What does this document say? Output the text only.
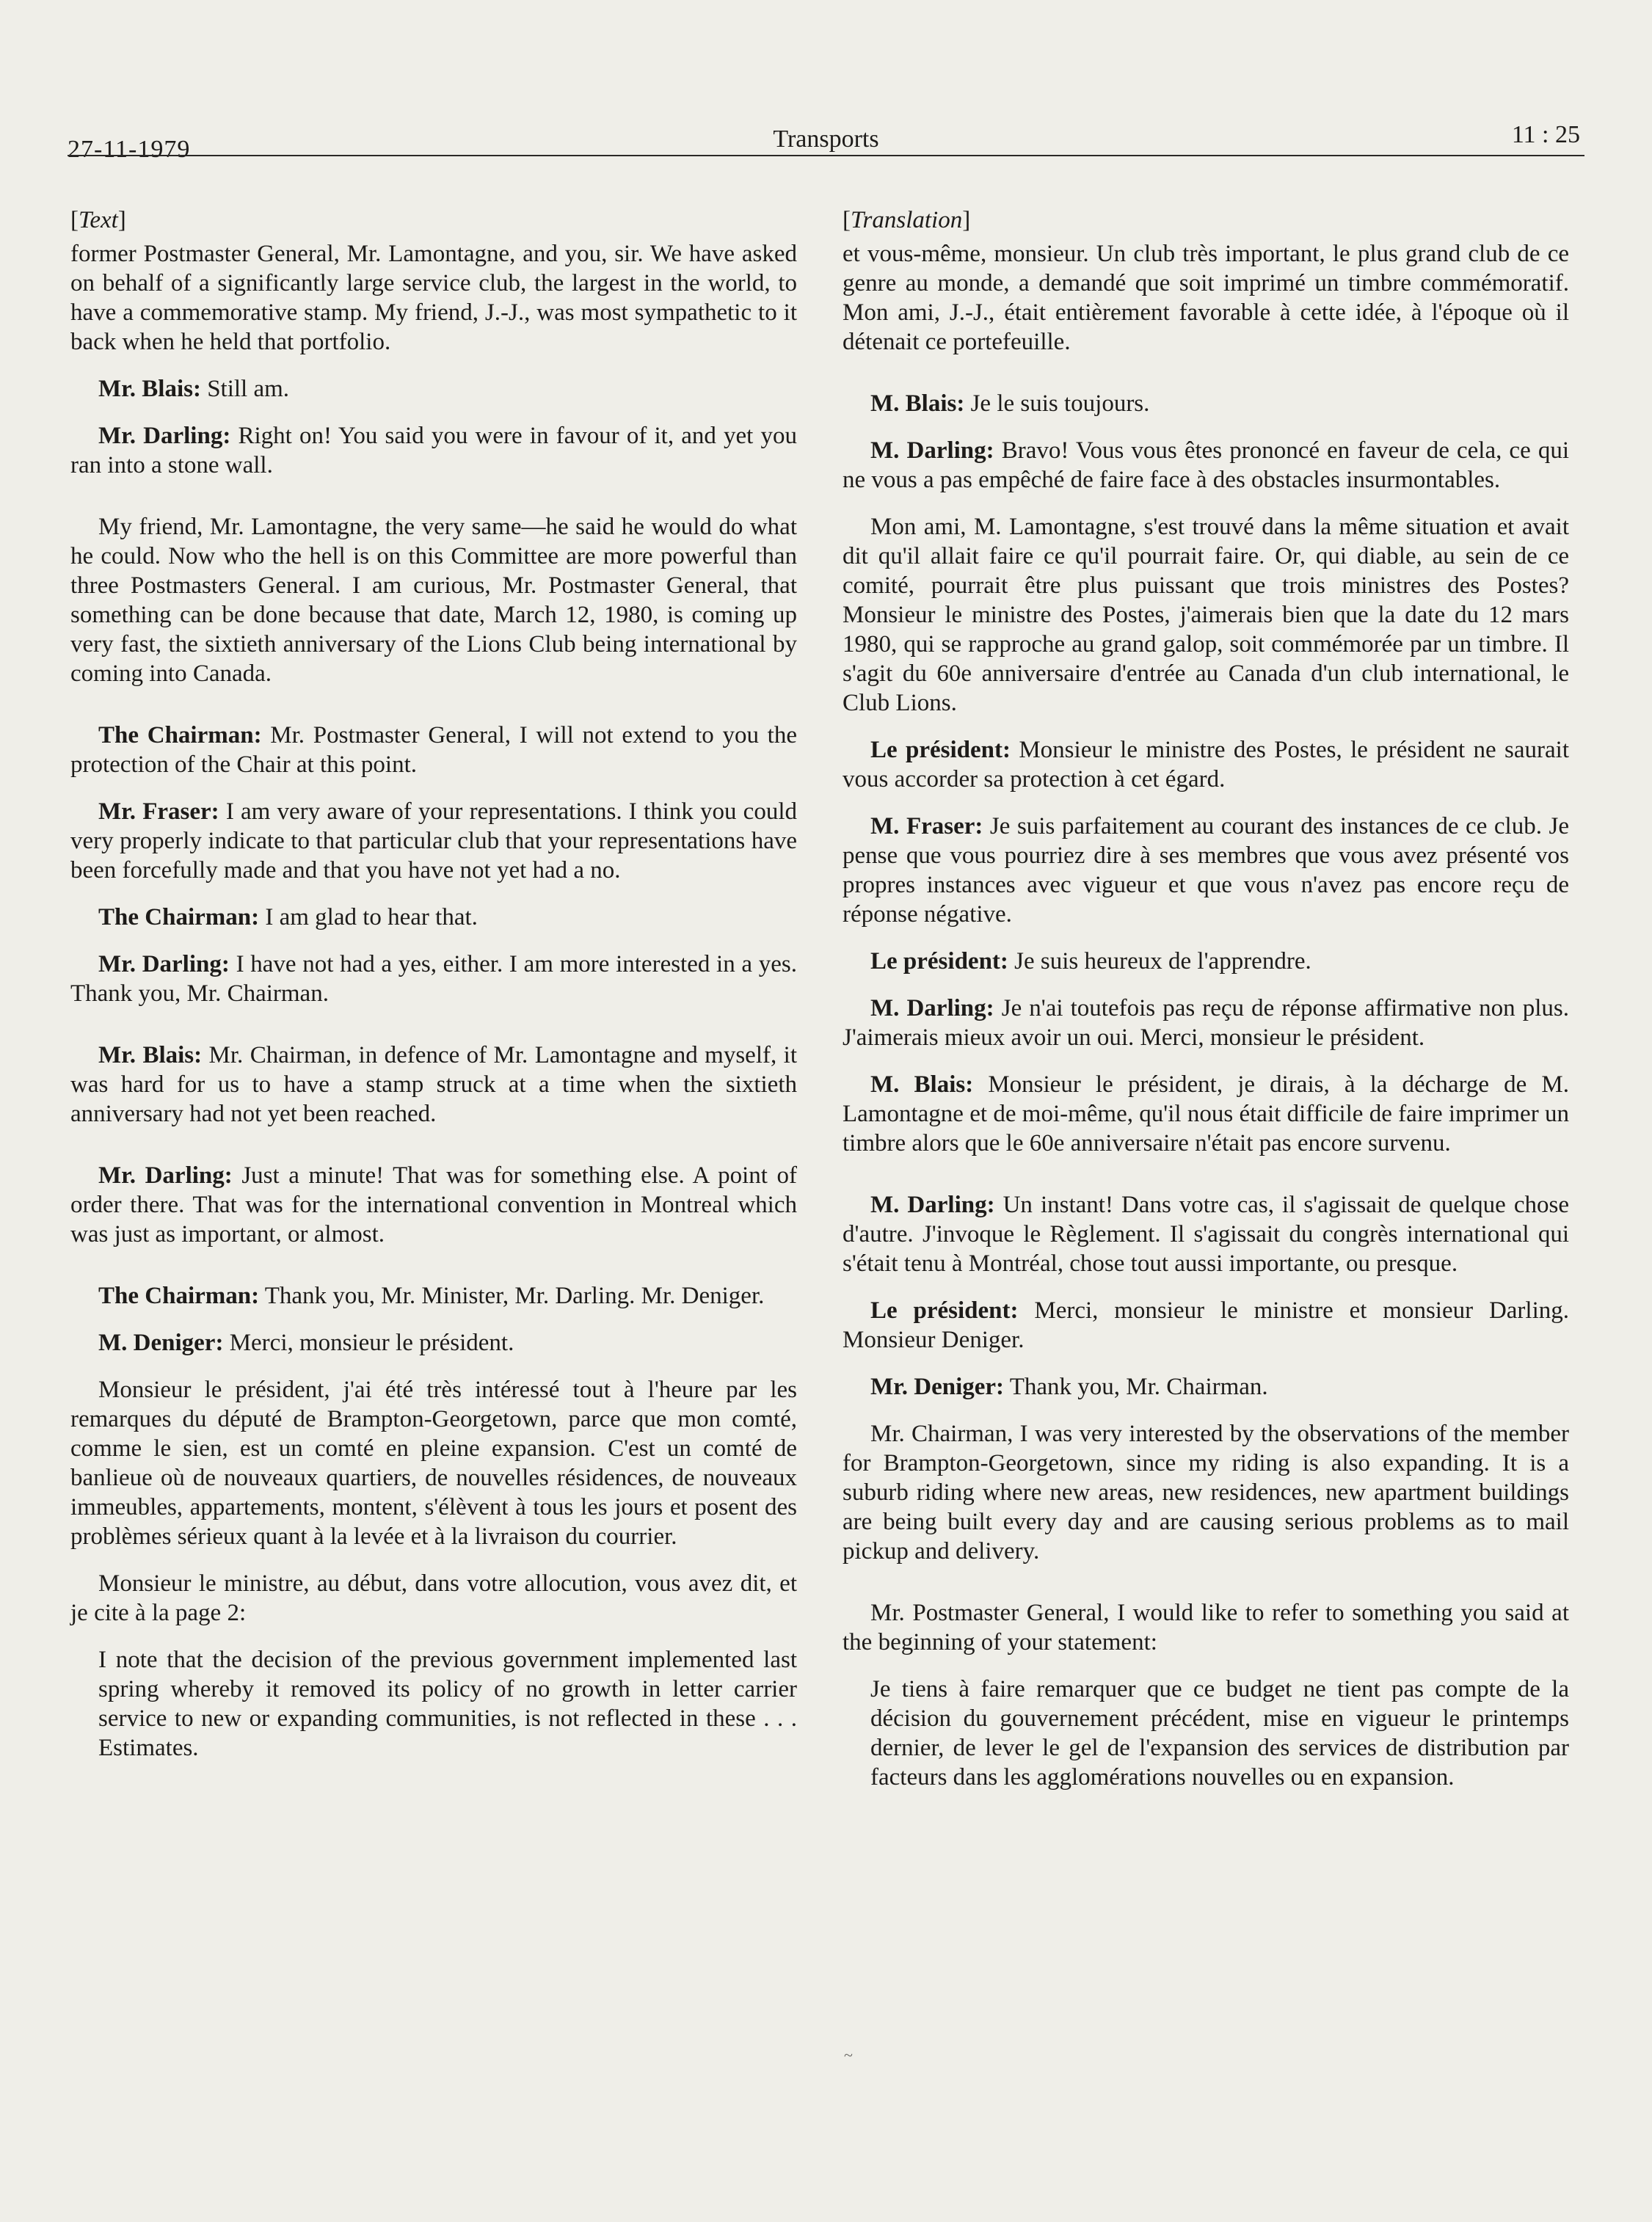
27-11-1979	Transports	11 : 25
[Text]

former Postmaster General, Mr. Lamontagne, and you, sir. We have asked on behalf of a significantly large service club, the largest in the world, to have a commemorative stamp. My friend, J.-J., was most sympathetic to it back when he held that portfolio.

Mr. Blais: Still am.

Mr. Darling: Right on! You said you were in favour of it, and yet you ran into a stone wall.

My friend, Mr. Lamontagne, the very same—he said he would do what he could. Now who the hell is on this Committee are more powerful than three Postmasters General. I am curious, Mr. Postmaster General, that something can be done because that date, March 12, 1980, is coming up very fast, the sixtieth anniversary of the Lions Club being international by coming into Canada.

The Chairman: Mr. Postmaster General, I will not extend to you the protection of the Chair at this point.

Mr. Fraser: I am very aware of your representations. I think you could very properly indicate to that particular club that your representations have been forcefully made and that you have not yet had a no.

The Chairman: I am glad to hear that.

Mr. Darling: I have not had a yes, either. I am more interested in a yes. Thank you, Mr. Chairman.

Mr. Blais: Mr. Chairman, in defence of Mr. Lamontagne and myself, it was hard for us to have a stamp struck at a time when the sixtieth anniversary had not yet been reached.

Mr. Darling: Just a minute! That was for something else. A point of order there. That was for the international convention in Montreal which was just as important, or almost.

The Chairman: Thank you, Mr. Minister, Mr. Darling. Mr. Deniger.

M. Deniger: Merci, monsieur le président.

Monsieur le président, j'ai été très intéressé tout à l'heure par les remarques du député de Brampton-Georgetown, parce que mon comté, comme le sien, est un comté en pleine expansion. C'est un comté de banlieue où de nouveaux quartiers, de nouvelles résidences, de nouveaux immeubles, appartements, montent, s'élèvent à tous les jours et posent des problèmes sérieux quant à la levée et à la livraison du courrier.

Monsieur le ministre, au début, dans votre allocution, vous avez dit, et je cite à la page 2:

I note that the decision of the previous government implemented last spring whereby it removed its policy of no growth in letter carrier service to new or expanding communities, is not reflected in these . . . Estimates.
[Translation]

et vous-même, monsieur. Un club très important, le plus grand club de ce genre au monde, a demandé que soit imprimé un timbre commémoratif. Mon ami, J.-J., était entièrement favorable à cette idée, à l'époque où il détenait ce portefeuille.

M. Blais: Je le suis toujours.

M. Darling: Bravo! Vous vous êtes prononcé en faveur de cela, ce qui ne vous a pas empêché de faire face à des obstacles insurmontables.

Mon ami, M. Lamontagne, s'est trouvé dans la même situation et avait dit qu'il allait faire ce qu'il pourrait faire. Or, qui diable, au sein de ce comité, pourrait être plus puissant que trois ministres des Postes? Monsieur le ministre des Postes, j'aimerais bien que la date du 12 mars 1980, qui se rapproche au grand galop, soit commémorée par un timbre. Il s'agit du 60e anniversaire d'entrée au Canada d'un club international, le Club Lions.

Le président: Monsieur le ministre des Postes, le président ne saurait vous accorder sa protection à cet égard.

M. Fraser: Je suis parfaitement au courant des instances de ce club. Je pense que vous pourriez dire à ses membres que vous avez présenté vos propres instances avec vigueur et que vous n'avez pas encore reçu de réponse négative.

Le président: Je suis heureux de l'apprendre.

M. Darling: Je n'ai toutefois pas reçu de réponse affirmative non plus. J'aimerais mieux avoir un oui. Merci, monsieur le président.

M. Blais: Monsieur le président, je dirais, à la décharge de M. Lamontagne et de moi-même, qu'il nous était difficile de faire imprimer un timbre alors que le 60e anniversaire n'était pas encore survenu.

M. Darling: Un instant! Dans votre cas, il s'agissait de quelque chose d'autre. J'invoque le Règlement. Il s'agissait du congrès international qui s'était tenu à Montréal, chose tout aussi importante, ou presque.

Le président: Merci, monsieur le ministre et monsieur Darling. Monsieur Deniger.

Mr. Deniger: Thank you, Mr. Chairman.

Mr. Chairman, I was very interested by the observations of the member for Brampton-Georgetown, since my riding is also expanding. It is a suburb riding where new areas, new residences, new apartment buildings are being built every day and are causing serious problems as to mail pickup and delivery.

Mr. Postmaster General, I would like to refer to something you said at the beginning of your statement:

Je tiens à faire remarquer que ce budget ne tient pas compte de la décision du gouvernement précédent, mise en vigueur le printemps dernier, de lever le gel de l'expansion des services de distribution par facteurs dans les agglomérations nouvelles ou en expansion.
~
